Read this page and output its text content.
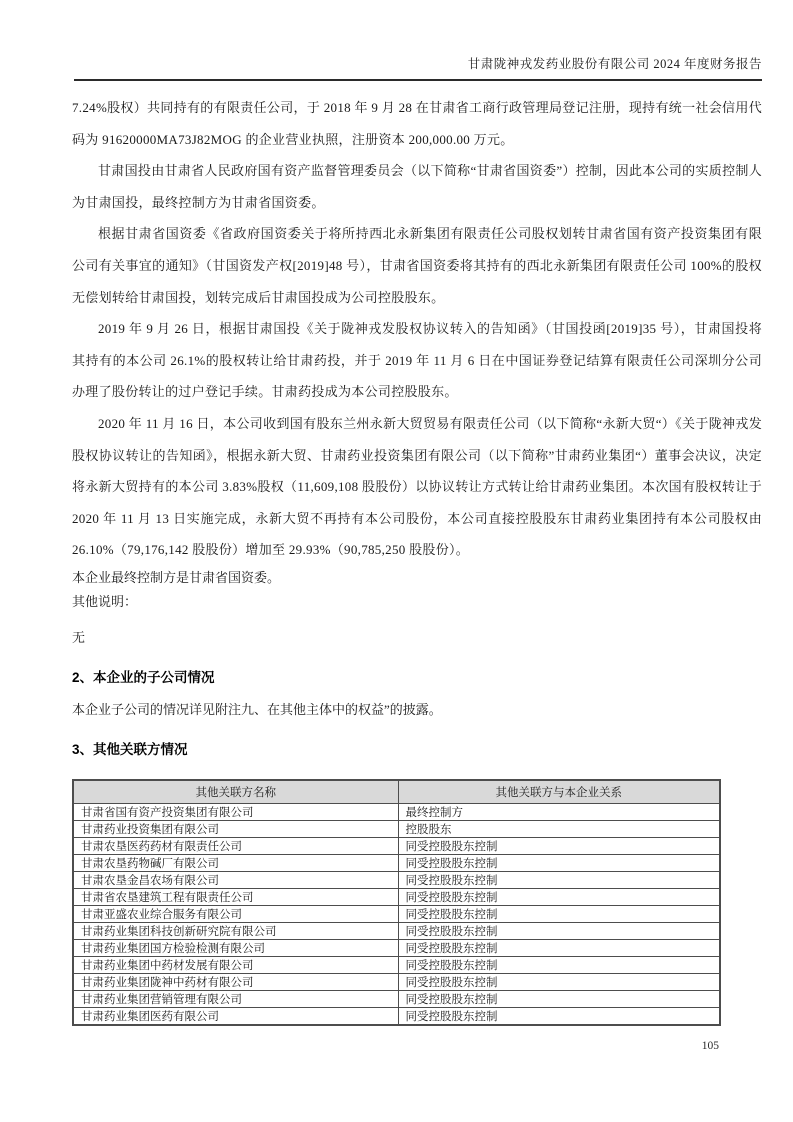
甘肃陇神戎发药业股份有限公司 2024 年度财务报告

7.24%股权）共同持有的有限责任公司，于 2018 年 9 月 28 在甘肃省工商行政管理局登记注册，现持有统一社会信用代码为 91620000MA73J82MOG 的企业营业执照，注册资本 200,000.00 万元。

甘肃国投由甘肃省人民政府国有资产监督管理委员会（以下简称“甘肃省国资委”）控制，因此本公司的实质控制人为甘肃国投，最终控制方为甘肃省国资委。

根据甘肃省国资委《省政府国资委关于将所持西北永新集团有限责任公司股权划转甘肃省国有资产投资集团有限公司有关事宜的通知》（甘国资发产权[2019]48 号），甘肃省国资委将其持有的西北永新集团有限责任公司 100%的股权无偿划转给甘肃国投，划转完成后甘肃国投成为公司控股股东。

2019 年 9 月 26 日，根据甘肃国投《关于陇神戎发股权协议转入的告知函》（甘国投函[2019]35 号），甘肃国投将其持有的本公司 26.1%的股权转让给甘肃药投，并于 2019 年 11 月 6 日在中国证券登记结算有限责任公司深圳分公司办理了股份转让的过户登记手续。甘肃药投成为本公司控股股东。

2020 年 11 月 16 日，本公司收到国有股东兰州永新大贸贸易有限责任公司（以下简称“永新大贸“）《关于陇神戎发股权协议转让的告知函》，根据永新大贸、甘肃药业投资集团有限公司（以下简称”甘肃药业集团“）董事会决议，决定将永新大贸持有的本公司 3.83%股权（11,609,108 股股份）以协议转让方式转让给甘肃药业集团。本次国有股权转让于 2020 年 11 月 13 日实施完成，永新大贸不再持有本公司股份，本公司直接控股股东甘肃药业集团持有本公司股权由 26.10%（79,176,142 股股份）增加至 29.93%（90,785,250 股股份）。

本企业最终控制方是甘肃省国资委。

其他说明：

无

2、本企业的子公司情况

本企业子公司的情况详见附注九、在其他主体中的权益”的披露。

3、其他关联方情况
其他关联方名称	其他关联方与本企业关系
甘肃省国有资产投资集团有限公司	最终控制方
甘肃药业投资集团有限公司	控股股东
甘肃农垦医药药材有限责任公司	同受控股股东控制
甘肃农垦药物碱厂有限公司	同受控股股东控制
甘肃农垦金昌农场有限公司	同受控股股东控制
甘肃省农垦建筑工程有限责任公司	同受控股股东控制
甘肃亚盛农业综合服务有限公司	同受控股股东控制
甘肃药业集团科技创新研究院有限公司	同受控股股东控制
甘肃药业集团国方检验检测有限公司	同受控股股东控制
甘肃药业集团中药材发展有限公司	同受控股股东控制
甘肃药业集团陇神中药材有限公司	同受控股股东控制
甘肃药业集团营销管理有限公司	同受控股股东控制
甘肃药业集团医药有限公司	同受控股股东控制
105
